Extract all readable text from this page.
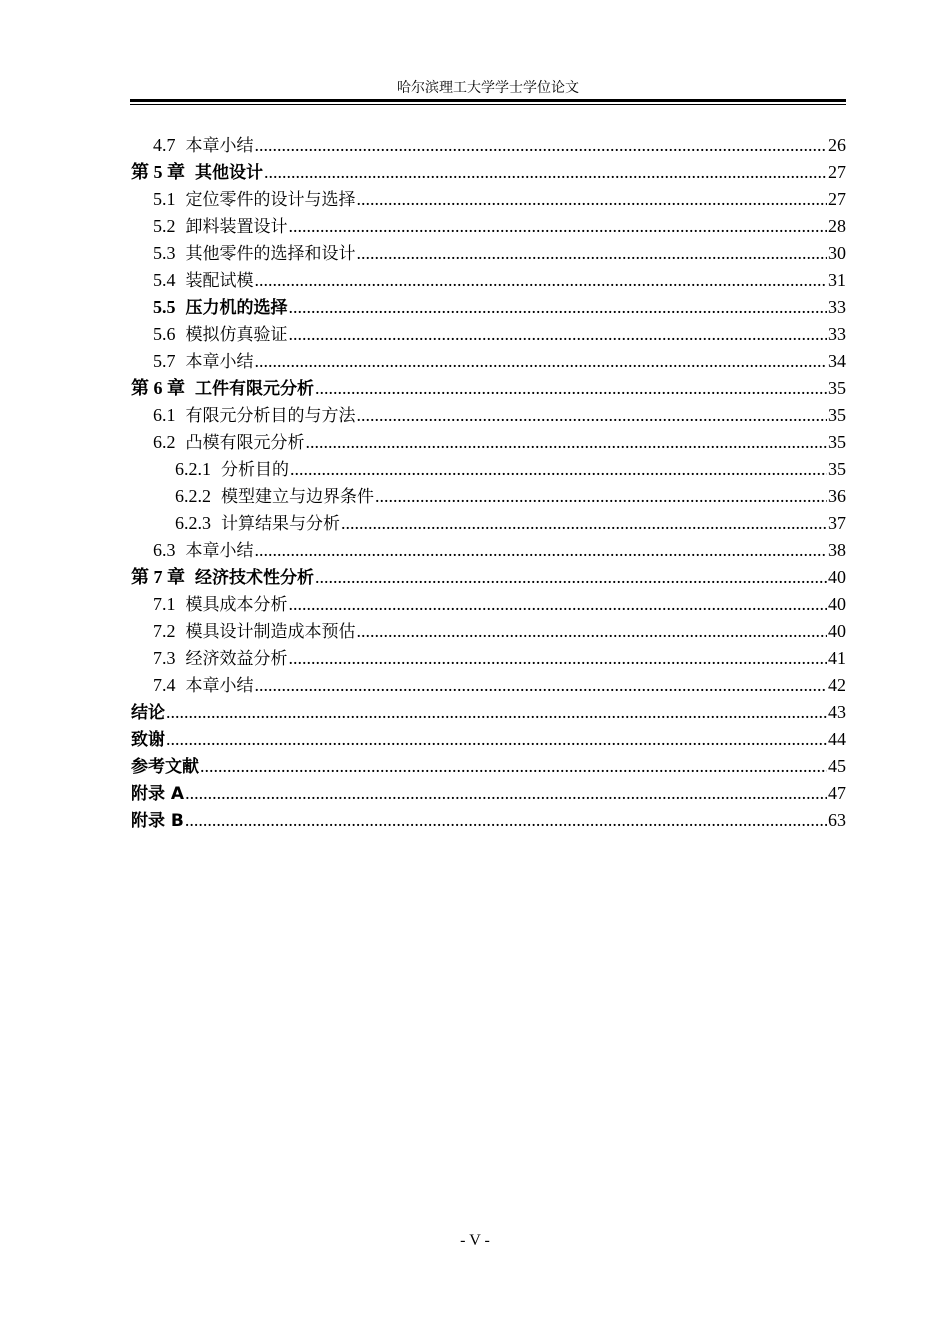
哈尔滨理工大学学士学位论文
4.7 本章小结 .....	26
第 5 章 其他设计 .....	27
5.1 定位零件的设计与选择 .....	27
5.2 卸料装置设计 .....	28
5.3 其他零件的选择和设计 .....	30
5.4 装配试模 .....	31
5.5 压力机的选择 .....	33
5.6 模拟仿真验证 .....	33
5.7 本章小结 .....	34
第 6 章 工件有限元分析 .....	35
6.1 有限元分析目的与方法 .....	35
6.2 凸模有限元分析 .....	35
6.2.1 分析目的 .....	35
6.2.2 模型建立与边界条件 .....	36
6.2.3 计算结果与分析 .....	37
6.3 本章小结 .....	38
第 7 章 经济技术性分析 .....	40
7.1 模具成本分析 .....	40
7.2 模具设计制造成本预估 .....	40
7.3 经济效益分析 .....	41
7.4 本章小结 .....	42
结论 .....	43
致谢 .....	44
参考文献 .....	45
附录 A .....	47
附录 B .....	63
- V -
